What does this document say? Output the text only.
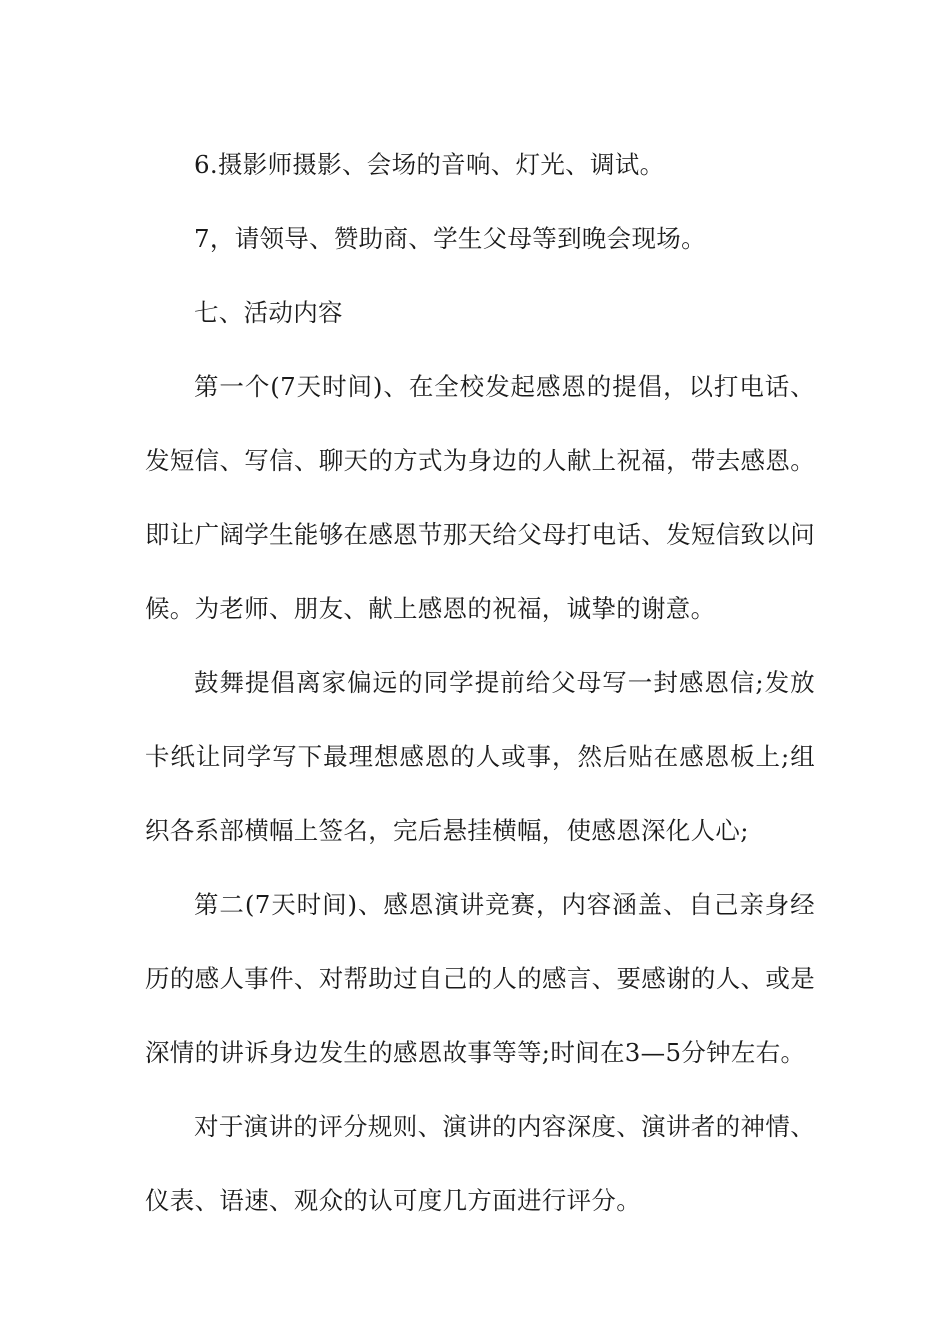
6.摄影师摄影、会场的音响、灯光、调试。

7，请领导、赞助商、学生父母等到晚会现场。

七、活动内容

第一个(7天时间)、在全校发起感恩的提倡，以打电话、发短信、写信、聊天的方式为身边的人献上祝福，带去感恩。即让广阔学生能够在感恩节那天给父母打电话、发短信致以问候。为老师、朋友、献上感恩的祝福，诚挚的谢意。

鼓舞提倡离家偏远的同学提前给父母写一封感恩信;发放卡纸让同学写下最理想感恩的人或事，然后贴在感恩板上;组织各系部横幅上签名，完后悬挂横幅，使感恩深化人心;

第二(7天时间)、感恩演讲竞赛，内容涵盖、自己亲身经历的感人事件、对帮助过自己的人的感言、要感谢的人、或是深情的讲诉身边发生的感恩故事等等;时间在3—5分钟左右。

对于演讲的评分规则、演讲的内容深度、演讲者的神情、仪表、语速、观众的认可度几方面进行评分。
